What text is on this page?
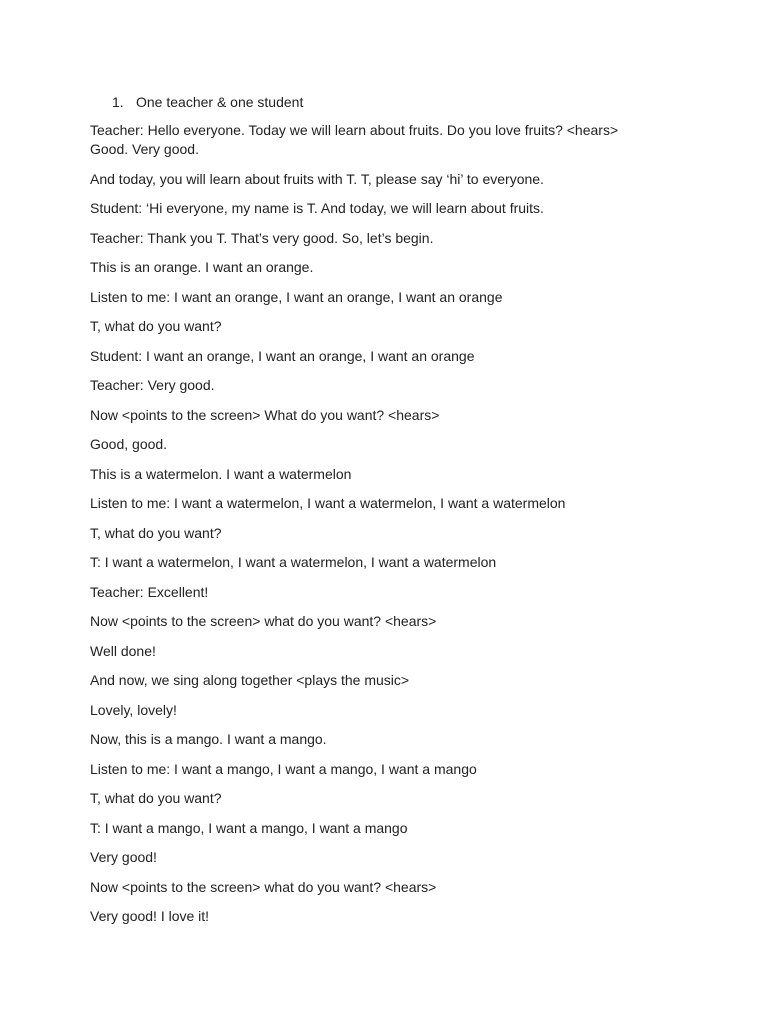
1. One teacher & one student
Teacher: Hello everyone. Today we will learn about fruits. Do you love fruits? <hears>
Good. Very good.
And today, you will learn about fruits with T. T, please say ‘hi’ to everyone.
Student: ‘Hi everyone, my name is T. And today, we will learn about fruits.
Teacher: Thank you T. That’s very good. So, let’s begin.
This is an orange. I want an orange.
Listen to me: I want an orange, I want an orange, I want an orange
T, what do you want?
Student: I want an orange, I want an orange, I want an orange
Teacher: Very good.
Now <points to the screen> What do you want? <hears>
Good, good.
This is a watermelon. I want a watermelon
Listen to me: I want a watermelon, I want a watermelon, I want a watermelon
T, what do you want?
T: I want a watermelon, I want a watermelon, I want a watermelon
Teacher: Excellent!
Now <points to the screen> what do you want? <hears>
Well done!
And now, we sing along together <plays the music>
Lovely, lovely!
Now, this is a mango. I want a mango.
Listen to me: I want a mango, I want a mango, I want a mango
T, what do you want?
T: I want a mango, I want a mango, I want a mango
Very good!
Now <points to the screen> what do you want? <hears>
Very good! I love it!
